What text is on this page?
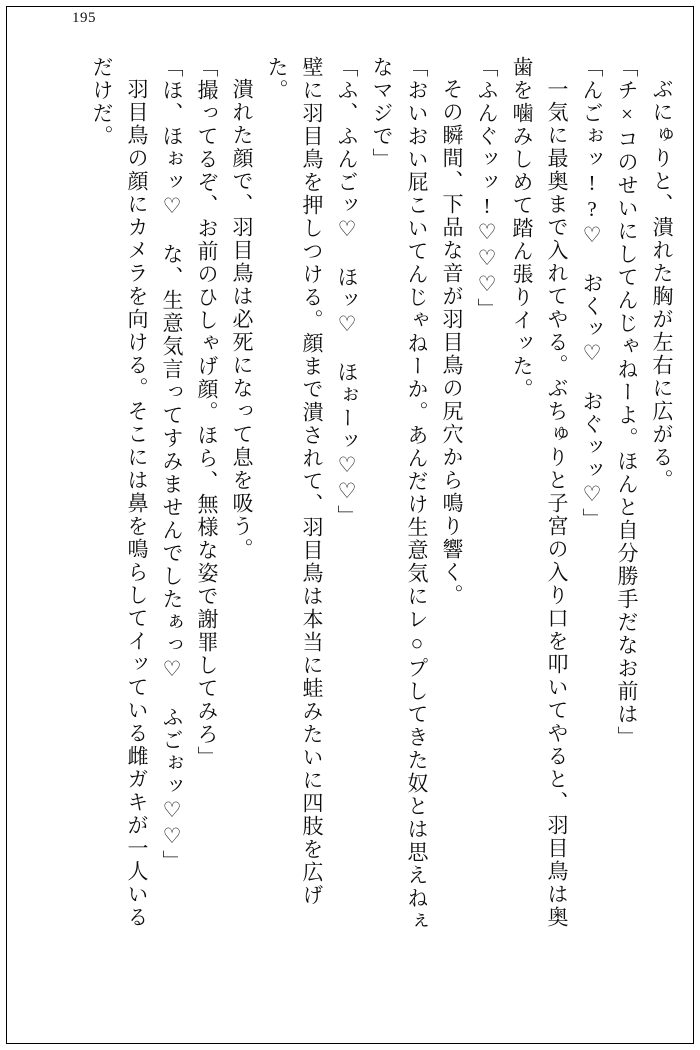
195
ぶにゅりと、潰れた胸が左右に広がる。
「チ×コのせいにしてんじゃねーよ。ほんと自分勝手だなお前は」
「んごぉッ!?♡　おくッ♡　おぐッッ♡」
一気に最奥まで入れてやる。ぶちゅりと子宮の入り口を叩いてやると、羽目鳥は奥
歯を噛みしめて踏ん張りイッた。
「ふんぐッッ!♡♡♡」
その瞬間、下品な音が羽目鳥の尻穴から鳴り響く。
「おいおい屁こいてんじゃねーか。あんだけ生意気にレ○プしてきた奴とは思えねぇ
なマジで」
「ふ、ふんごッ♡　ほッ♡　ほぉーッ♡♡」
壁に羽目鳥を押しつける。顔まで潰されて、羽目鳥は本当に蛙みたいに四肢を広げ
た。
潰れた顔で、羽目鳥は必死になって息を吸う。
「撮ってるぞ、お前のひしゃげ顔。ほら、無様な姿で謝罪してみろ」
「ほ、ほぉッ♡　な、生意気言ってすみませんでしたぁっ♡　ふごぉッ♡♡」
羽目鳥の顔にカメラを向ける。そこには鼻を鳴らしてイッている雌ガキが一人いる
だけだ。
